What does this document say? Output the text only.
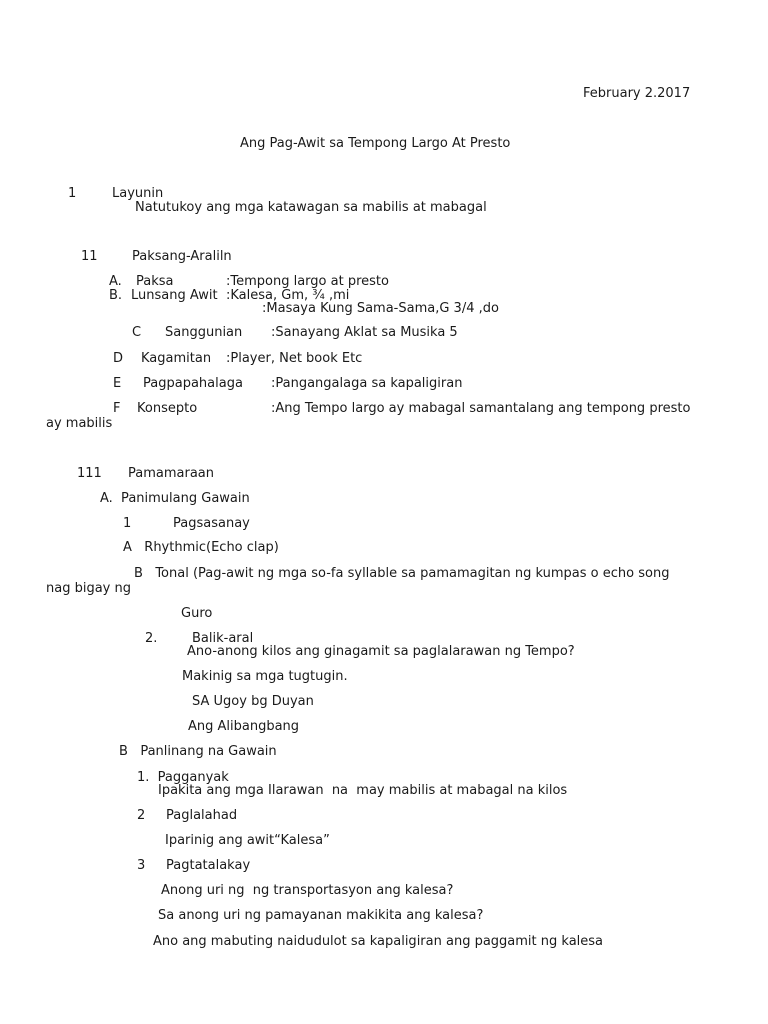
February 2.2017
Ang Pag-Awit sa Tempong Largo At Presto
1	Layunin
Natutukoy ang mga katawagan sa mabilis at mabagal
11	Paksang-Araliln
A. Paksa	:Tempong largo at presto
B. Lunsang Awit :Kalesa, Gm, ¾ ,mi
:Masaya Kung Sama-Sama,G 3/4 ,do
C Sanggunian :Sanayang Aklat sa Musika 5
D Kagamitan :Player, Net book Etc
E Pagpapahalaga :Pangangalaga sa kapaligiran
F Konsepto	:Ang Tempo largo ay mabagal samantalang ang tempong presto
ay mabilis
111 Pamamaraan
A.  Panimulang Gawain
1	Pagsasanay
A   Rhythmic(Echo clap)
B   Tonal (Pag-awit ng mga so-fa syllable sa pamamagitan ng kumpas o echo song
nag bigay ng
Guro
2.	Balik-aral
Ano-anong kilos ang ginagamit sa paglalarawan ng Tempo?
Makinig sa mga tugtugin.
SA Ugoy bg Duyan
Ang Alibangbang
B   Panlinang na Gawain
1.  Pagganyak
Ipakita ang mga Ilarawan  na  may mabilis at mabagal na kilos
2 Paglalahad
Iparinig ang awit“Kalesa”
3 Pagtatalakay
Anong uri ng  ng transportasyon ang kalesa?
Sa anong uri ng pamayanan makikita ang kalesa?
Ano ang mabuting naidudulot sa kapaligiran ang paggamit ng kalesa
